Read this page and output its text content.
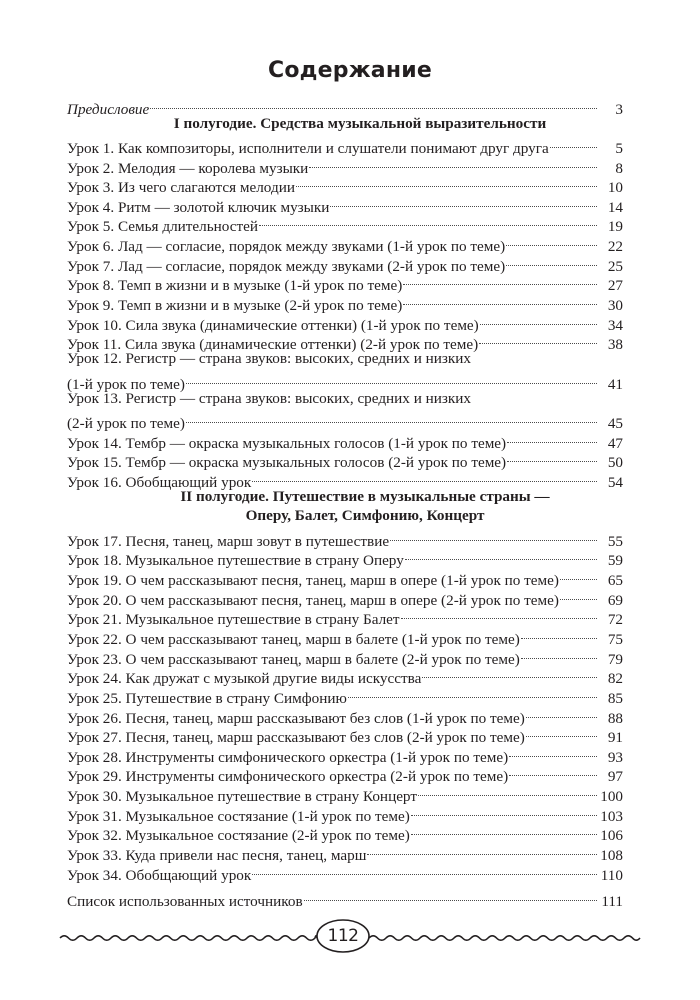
Содержание
Предисловие	3
I полугодие. Средства музыкальной выразительности
Урок 1. Как композиторы, исполнители и слушатели понимают друг друга	5
Урок 2. Мелодия — королева музыки	8
Урок 3. Из чего слагаются мелодии	10
Урок 4. Ритм — золотой ключик музыки	14
Урок 5. Семья длительностей	19
Урок 6. Лад — согласие, порядок между звуками (1-й урок по теме)	22
Урок 7. Лад — согласие, порядок между звуками (2-й урок по теме)	25
Урок 8. Темп в жизни и в музыке (1-й урок по теме)	27
Урок 9. Темп в жизни и в музыке (2-й урок по теме)	30
Урок 10. Сила звука (динамические оттенки) (1-й урок по теме)	34
Урок 11. Сила звука (динамические оттенки) (2-й урок по теме)	38
Урок 12. Регистр — страна звуков: высоких, средних и низких
(1-й урок по теме)	41
Урок 13. Регистр — страна звуков: высоких, средних и низких
(2-й урок по теме)	45
Урок 14. Тембр — окраска музыкальных голосов (1-й урок по теме)	47
Урок 15. Тембр — окраска музыкальных голосов (2-й урок по теме)	50
Урок 16. Обобщающий урок	54
II полугодие. Путешествие в музыкальные страны —
Оперу, Балет, Симфонию, Концерт
Урок 17. Песня, танец, марш зовут в путешествие	55
Урок 18. Музыкальное путешествие в страну Оперу	59
Урок 19. О чем рассказывают песня, танец, марш в опере (1-й урок по теме)	65
Урок 20. О чем рассказывают песня, танец, марш в опере (2-й урок по теме)	69
Урок 21. Музыкальное путешествие в страну Балет	72
Урок 22. О чем рассказывают танец, марш в балете (1-й урок по теме)	75
Урок 23. О чем рассказывают танец, марш в балете (2-й урок по теме)	79
Урок 24. Как дружат с музыкой другие виды искусства	82
Урок 25. Путешествие в страну Симфонию	85
Урок 26. Песня, танец, марш рассказывают без слов (1-й урок по теме)	88
Урок 27. Песня, танец, марш рассказывают без слов (2-й урок по теме)	91
Урок 28. Инструменты симфонического оркестра (1-й урок по теме)	93
Урок 29. Инструменты симфонического оркестра (2-й урок по теме)	97
Урок 30. Музыкальное путешествие в страну Концерт	100
Урок 31. Музыкальное состязание (1-й урок по теме)	103
Урок 32. Музыкальное состязание (2-й урок по теме)	106
Урок 33. Куда привели нас песня, танец, марш	108
Урок 34. Обобщающий урок	110
Список использованных источников	111
112
